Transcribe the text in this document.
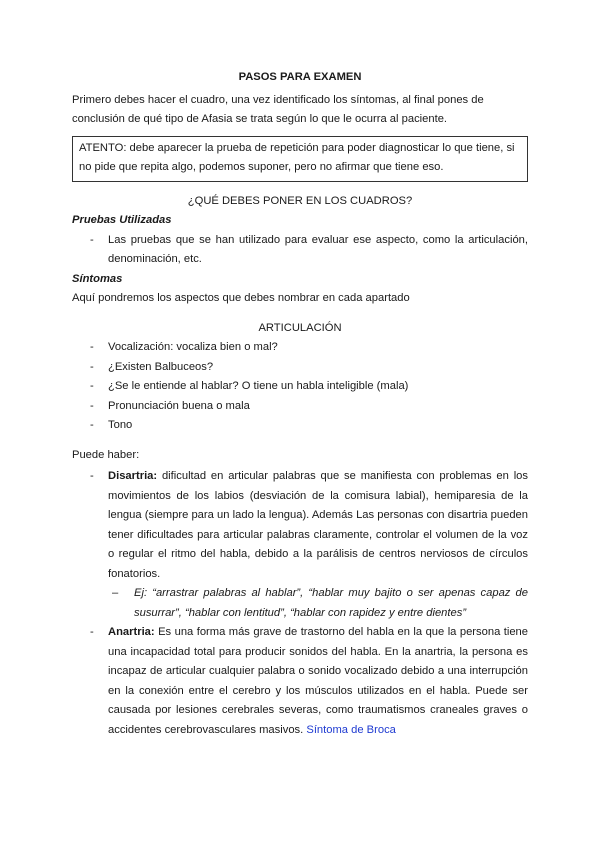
PASOS PARA EXAMEN

Primero debes hacer el cuadro, una vez identificado los síntomas, al final pones de conclusión de qué tipo de Afasia se trata según lo que le ocurra al paciente.

ATENTO: debe aparecer la prueba de repetición para poder diagnosticar lo que tiene, si no pide que repita algo, podemos suponer, pero no afirmar que tiene eso.

¿QUÉ DEBES PONER EN LOS CUADROS?

Pruebas Utilizadas

- Las pruebas que se han utilizado para evaluar ese aspecto, como la articulación, denominación, etc.

Síntomas

Aquí pondremos los aspectos que debes nombrar en cada apartado

ARTICULACIÓN

- Vocalización: vocaliza bien o mal?
- ¿Existen Balbuceos?
- ¿Se le entiende al hablar? O tiene un habla inteligible (mala)
- Pronunciación buena o mala
- Tono

Puede haber:

- Disartria: dificultad en articular palabras que se manifiesta con problemas en los movimientos de los labios (desviación de la comisura labial), hemiparesia de la lengua (siempre para un lado la lengua). Además Las personas con disartria pueden tener dificultades para articular palabras claramente, controlar el volumen de la voz o regular el ritmo del habla, debido a la parálisis de centros nerviosos de círculos fonatorios.
– Ej: “arrastrar palabras al hablar”, “hablar muy bajito o ser apenas capaz de susurrar”, “hablar con lentitud”, “hablar con rapidez y entre dientes”
- Anartria: Es una forma más grave de trastorno del habla en la que la persona tiene una incapacidad total para producir sonidos del habla. En la anartria, la persona es incapaz de articular cualquier palabra o sonido vocalizado debido a una interrupción en la conexión entre el cerebro y los músculos utilizados en el habla. Puede ser causada por lesiones cerebrales severas, como traumatismos craneales graves o accidentes cerebrovasculares masivos. Síntoma de Broca
